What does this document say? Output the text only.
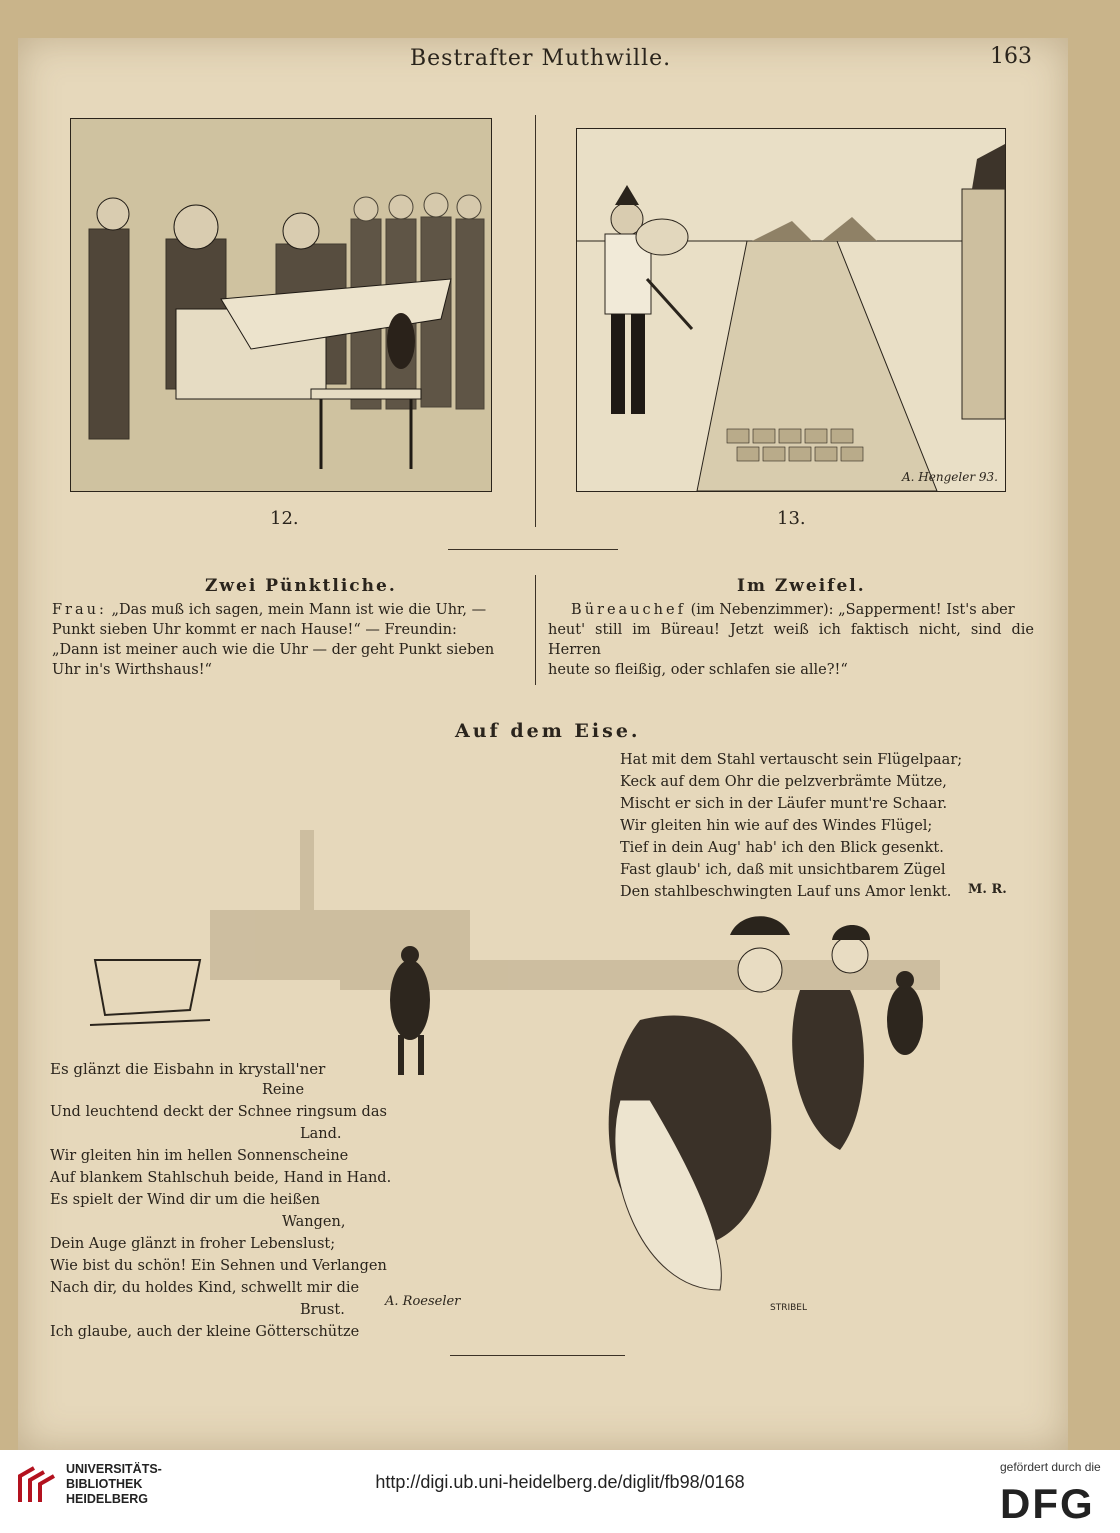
Bestrafter Muthwille.	163
A. Hengeler 93.
12.	13.
Zwei Pünktliche.
Frau: „Das muß ich sagen, mein Mann ist wie die Uhr, —
Punkt sieben Uhr kommt er nach Hause!“ — Freundin:
„Dann ist meiner auch wie die Uhr — der geht Punkt sieben
Uhr in's Wirthshaus!“
Im Zweifel.
Büreauchef (im Nebenzimmer): „Sapperment! Ist's aber
heut' still im Büreau! Jetzt weiß ich faktisch nicht, sind die Herren
heute so fleißig, oder schlafen sie alle?!“
Auf dem Eise.
Hat mit dem Stahl vertauscht sein Flügelpaar;
Keck auf dem Ohr die pelzverbrämte Mütze,
Mischt er sich in der Läufer munt're Schaar.
Wir gleiten hin wie auf des Windes Flügel;
Tief in dein Aug' hab' ich den Blick gesenkt.
Fast glaub' ich, daß mit unsichtbarem Zügel
Den stahlbeschwingten Lauf uns Amor lenkt. M. R.
A. Roeseler	STRIBEL
Es glänzt die Eisbahn in krystall'ner
Reine
Und leuchtend deckt der Schnee ringsum das
Land.
Wir gleiten hin im hellen Sonnenscheine
Auf blankem Stahlschuh beide, Hand in Hand.
Es spielt der Wind dir um die heißen
Wangen,
Dein Auge glänzt in froher Lebenslust;
Wie bist du schön! Ein Sehnen und Verlangen
Nach dir, du holdes Kind, schwellt mir die
Brust.
Ich glaube, auch der kleine Götterschütze
UNIVERSITÄTS-
BIBLIOTHEK
HEIDELBERG
http://digi.ub.uni-heidelberg.de/diglit/fb98/0168
gefördert durch die
DFG
